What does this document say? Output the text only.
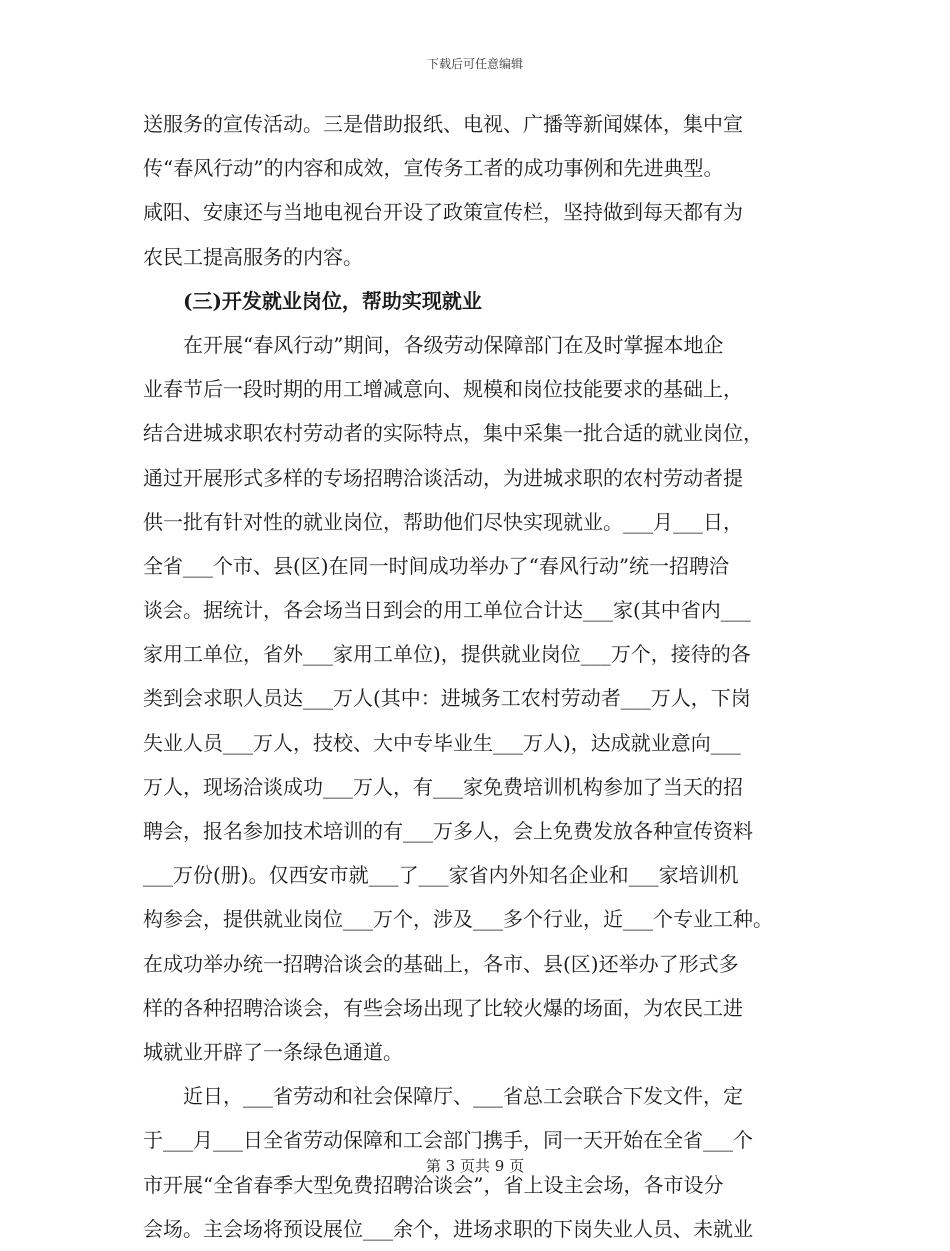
下载后可任意编辑
送服务的宣传活动。三是借助报纸、电视、广播等新闻媒体，集中宣
传“春风行动”的内容和成效，宣传务工者的成功事例和先进典型。
咸阳、安康还与当地电视台开设了政策宣传栏，坚持做到每天都有为
农民工提高服务的内容。
　　(三)开发就业岗位，帮助实现就业
　　在开展“春风行动”期间，各级劳动保障部门在及时掌握本地企
业春节后一段时期的用工增减意向、规模和岗位技能要求的基础上，
结合进城求职农村劳动者的实际特点，集中采集一批合适的就业岗位，
通过开展形式多样的专场招聘洽谈活动，为进城求职的农村劳动者提
供一批有针对性的就业岗位，帮助他们尽快实现就业。___月___日，
全省___个市、县(区)在同一时间成功举办了“春风行动”统一招聘洽
谈会。据统计，各会场当日到会的用工单位合计达___家(其中省内___
家用工单位，省外___家用工单位)，提供就业岗位___万个，接待的各
类到会求职人员达___万人(其中：进城务工农村劳动者___万人，下岗
失业人员___万人，技校、大中专毕业生___万人)，达成就业意向___
万人，现场洽谈成功___万人，有___家免费培训机构参加了当天的招
聘会，报名参加技术培训的有___万多人，会上免费发放各种宣传资料
___万份(册)。仅西安市就___了___家省内外知名企业和___家培训机
构参会，提供就业岗位___万个，涉及___多个行业，近___个专业工种。
在成功举办统一招聘洽谈会的基础上，各市、县(区)还举办了形式多
样的各种招聘洽谈会，有些会场出现了比较火爆的场面，为农民工进
城就业开辟了一条绿色通道。
　　近日，___省劳动和社会保障厅、___省总工会联合下发文件，定
于___月___日全省劳动保障和工会部门携手，同一天开始在全省___个
市开展“全省春季大型免费招聘洽谈会”，省上设主会场，各市设分
会场。主会场将预设展位___余个，进场求职的下岗失业人员、未就业
第 3 页共 9 页
